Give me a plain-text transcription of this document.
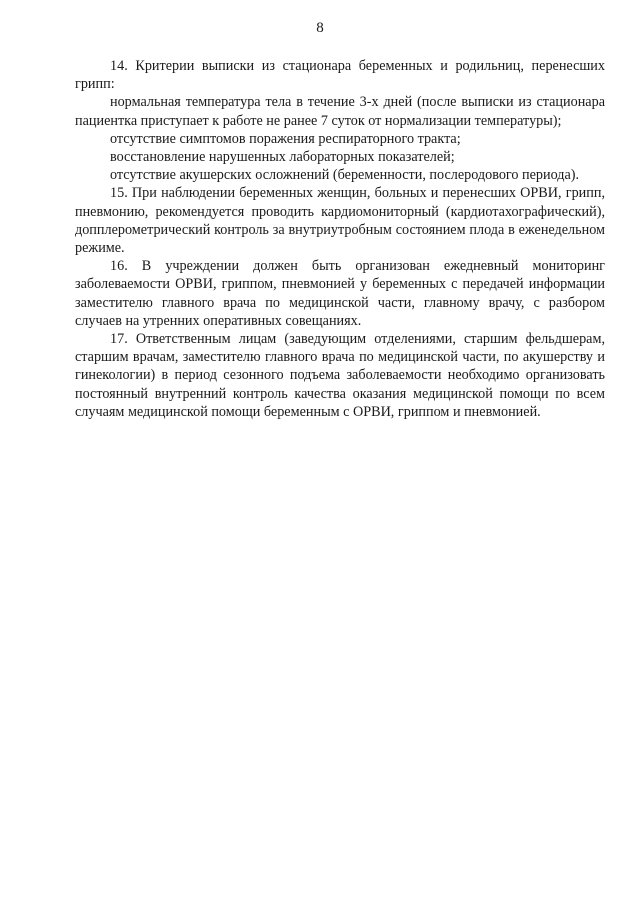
8

14. Критерии выписки из стационара беременных и родильниц, перенесших грипп:

нормальная температура тела в течение 3-х дней (после выписки из стационара пациентка приступает к работе не ранее 7 суток от нормализации температуры);

отсутствие симптомов поражения респираторного тракта;

восстановление нарушенных лабораторных показателей;

отсутствие акушерских осложнений (беременности, послеродового периода).

15. При наблюдении беременных женщин, больных и перенесших ОРВИ, грипп, пневмонию, рекомендуется проводить кардиомониторный (кардиотахографический), допплерометрический контроль за внутриутробным состоянием плода в еженедельном режиме.

16. В учреждении должен быть организован ежедневный мониторинг заболеваемости ОРВИ, гриппом, пневмонией у беременных с передачей информации заместителю главного врача по медицинской части, главному врачу, с разбором случаев на утренних оперативных совещаниях.

17. Ответственным лицам (заведующим отделениями, старшим фельдшерам, старшим врачам, заместителю главного врача по медицинской части, по акушерству и гинекологии) в период сезонного подъема заболеваемости необходимо организовать постоянный внутренний контроль качества оказания медицинской помощи по всем случаям медицинской помощи беременным с ОРВИ, гриппом и пневмонией.
